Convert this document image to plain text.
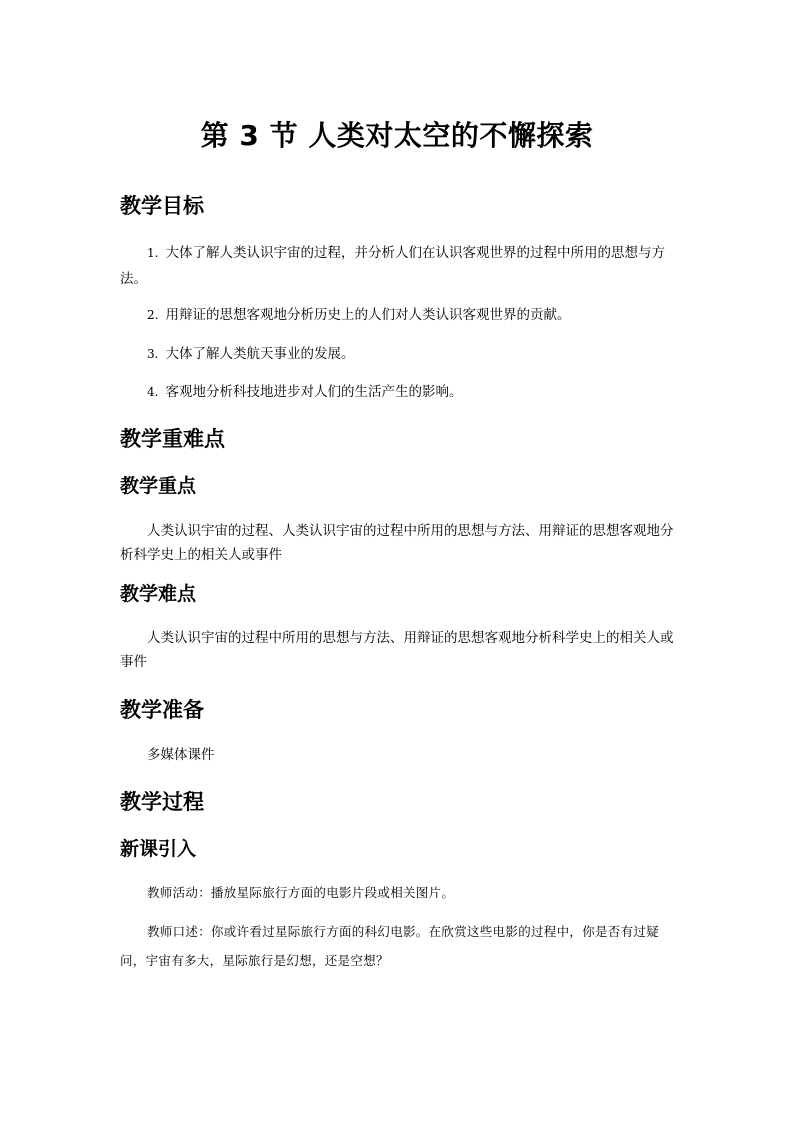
第 3 节 人类对太空的不懈探索
教学目标

1. 大体了解人类认识宇宙的过程，并分析人们在认识客观世界的过程中所用的思想与方法。

2. 用辩证的思想客观地分析历史上的人们对人类认识客观世界的贡献。

3. 大体了解人类航天事业的发展。

4. 客观地分析科技地进步对人们的生活产生的影响。

教学重难点
教学重点

人类认识宇宙的过程、人类认识宇宙的过程中所用的思想与方法、用辩证的思想客观地分析科学史上的相关人或事件

教学难点

人类认识宇宙的过程中所用的思想与方法、用辩证的思想客观地分析科学史上的相关人或事件

教学准备

多媒体课件

教学过程
新课引入

教师活动：播放星际旅行方面的电影片段或相关图片。

教师口述：你或许看过星际旅行方面的科幻电影。在欣赏这些电影的过程中，你是否有过疑问，宇宙有多大，星际旅行是幻想，还是空想？
